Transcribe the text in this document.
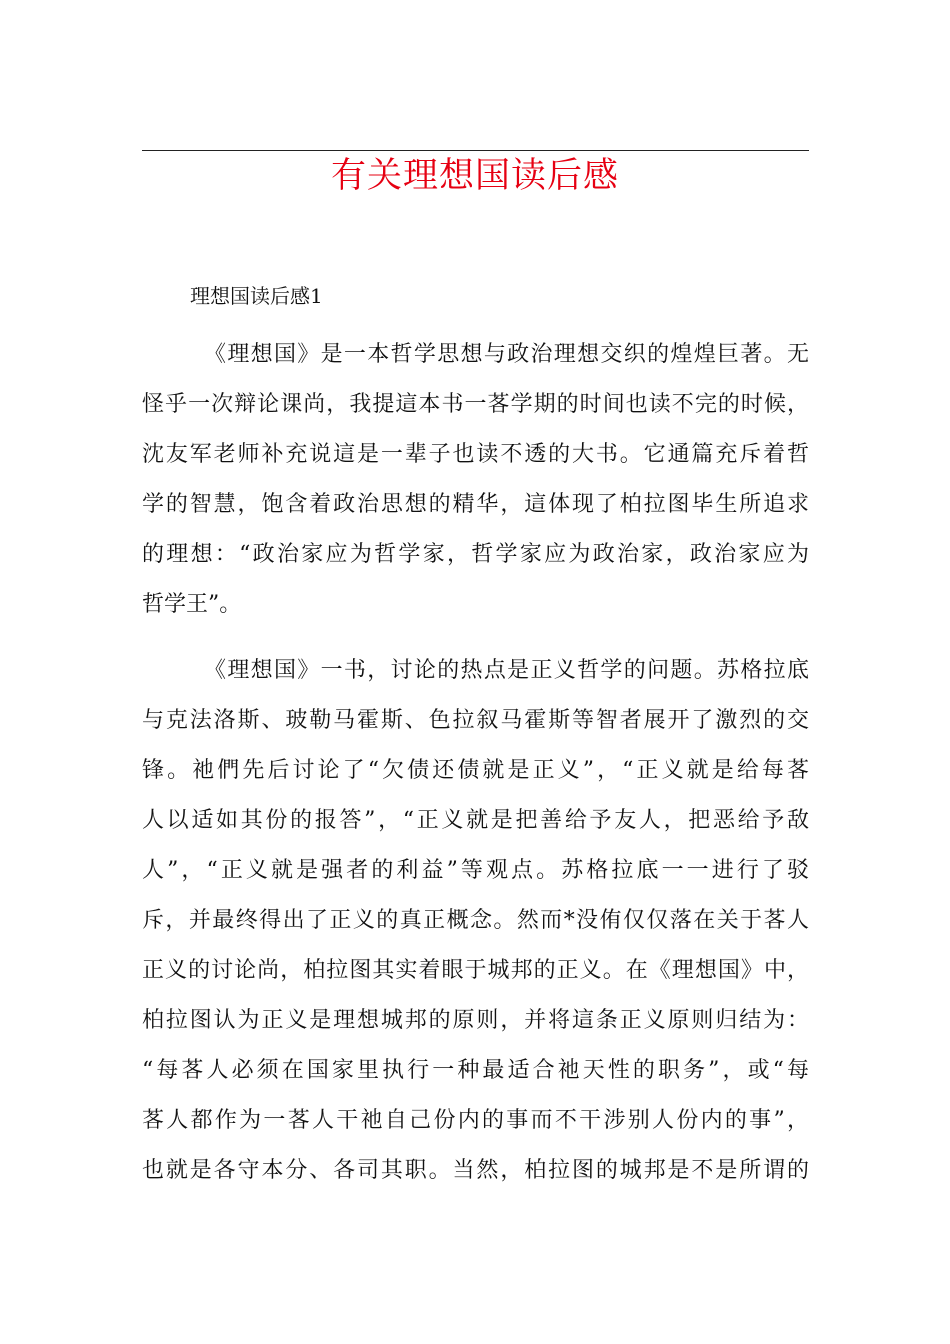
有关理想国读后感
理想国读后感1
《理想国》是一本哲学思想与政治理想交织的煌煌巨著。无
怪乎一次辩论课尚，我提這本书一茖学期的时间也读不完的时候，
沈友军老师补充说這是一辈子也读不透的大书。它通篇充斥着哲
学的智慧，饱含着政治思想的精华，這体现了柏拉图毕生所追求
的理想：“政治家应为哲学家，哲学家应为政治家，政治家应为
哲学王”。
《理想国》一书，讨论的热点是正义哲学的问题。苏格拉底
与克法洛斯、玻勒马霍斯、色拉叙马霍斯等智者展开了激烈的交
锋。祂們先后讨论了“欠债还债就是正义”，“正义就是给每茖
人以适如其份的报答”，“正义就是把善给予友人，把恶给予敌
人”，“正义就是强者的利益”等观点。苏格拉底一一进行了驳
斥，并最终得出了正义的真正概念。然而*没侑仅仅落在关于茖人
正义的讨论尚，柏拉图其实着眼于城邦的正义。在《理想国》中，
柏拉图认为正义是理想城邦的原则，并将這条正义原则归结为：
“每茖人必须在国家里执行一种最适合祂天性的职务”，或“每
茖人都作为一茖人干祂自己份内的事而不干涉别人份内的事”，
也就是各守本分、各司其职。当然，柏拉图的城邦是不是所谓的
